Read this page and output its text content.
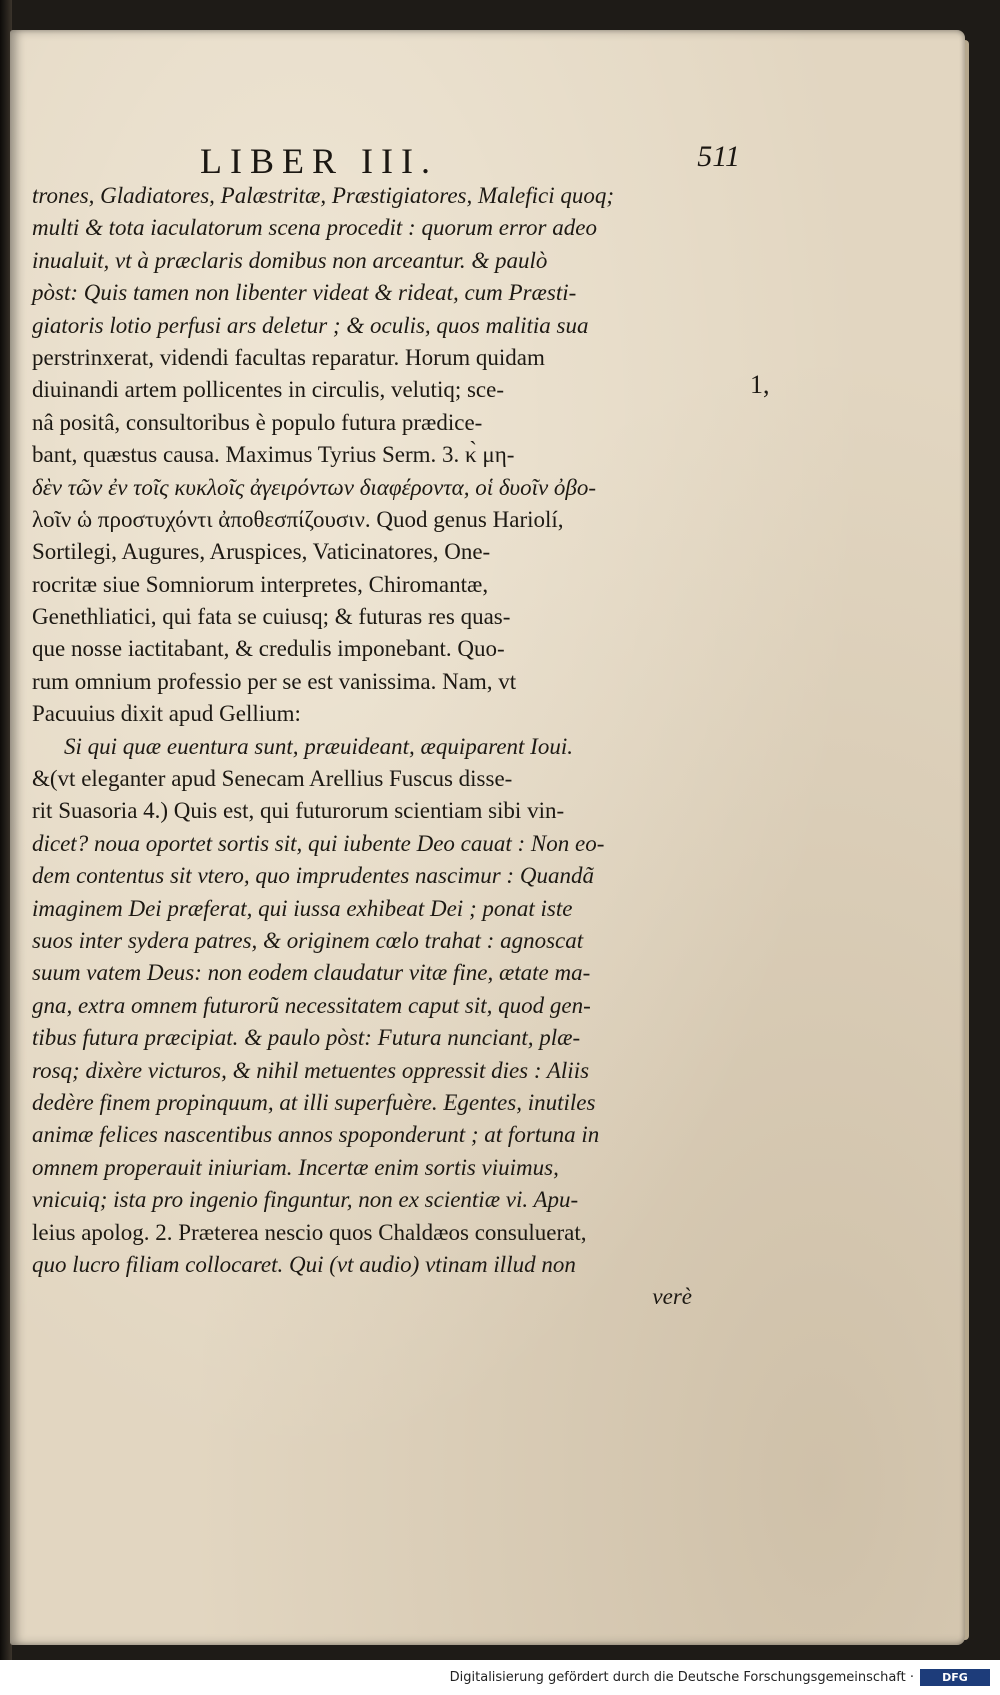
LIBER III.	511
trones, Gladiatores, Palæstritæ, Præstigiatores, Malefici quoq;
multi & tota iaculatorum scena procedit : quorum error adeo
inualuit, vt à præclaris domibus non arceantur. & paulò
pòst: Quis tamen non libenter videat & rideat, cum Præsti-
giatoris lotio perfusi ars deletur ; & oculis, quos malitia sua
perstrinxerat, videndi facultas reparatur. Horum quidam
diuinandi artem pollicentes in circulis, velutiq; sce-
nâ positâ, consultoribus è populo futura prædice-
bant, quæstus causa. Maximus Tyrius Serm. 3. κ̀ μη-
δὲν τῶν ἐν τοῖς κυκλοῖς ἀγειρόντων διαφέροντα, οἱ δυοῖν ὀβο-
λοῖν ὡ προστυχόντι ἀποθεσπίζουσιν. Quod genus Hariolí,
Sortilegi, Augures, Aruspices, Vaticinatores, One-
rocritæ siue Somniorum interpretes, Chiromantæ,
Genethliatici, qui fata se cuiusq; & futuras res quas-
que nosse iactitabant, & credulis imponebant. Quo-
rum omnium professio per se est vanissima. Nam, vt
Pacuuius dixit apud Gellium:
Si qui quæ euentura sunt, præuideant, æquiparent Ioui.
&(vt eleganter apud Senecam Arellius Fuscus disse-
rit Suasoria 4.) Quis est, qui futurorum scientiam sibi vin-
dicet? noua oportet sortis sit, qui iubente Deo cauat : Non eo-
dem contentus sit vtero, quo imprudentes nascimur : Quandã
imaginem Dei præferat, qui iussa exhibeat Dei ; ponat iste
suos inter sydera patres, & originem cœlo trahat : agnoscat
suum vatem Deus: non eodem claudatur vitæ fine, ætate ma-
gna, extra omnem futurorũ necessitatem caput sit, quod gen-
tibus futura præcipiat. & paulo pòst: Futura nunciant, plæ-
rosq; dixère victuros, & nihil metuentes oppressit dies : Aliis
dedère finem propinquum, at illi superfuère. Egentes, inutiles
animæ felices nascentibus annos spoponderunt ; at fortuna in
omnem properauit iniuriam. Incertæ enim sortis viuimus,
vnicuiq; ista pro ingenio finguntur, non ex scientiæ vi. Apu-
leius apolog. 2. Præterea nescio quos Chaldæos consuluerat,
quo lucro filiam collocaret. Qui (vt audio) vtinam illud non
verè
1,
Digitalisierung gefördert durch die Deutsche Forschungsgemeinschaft ·	DFG
